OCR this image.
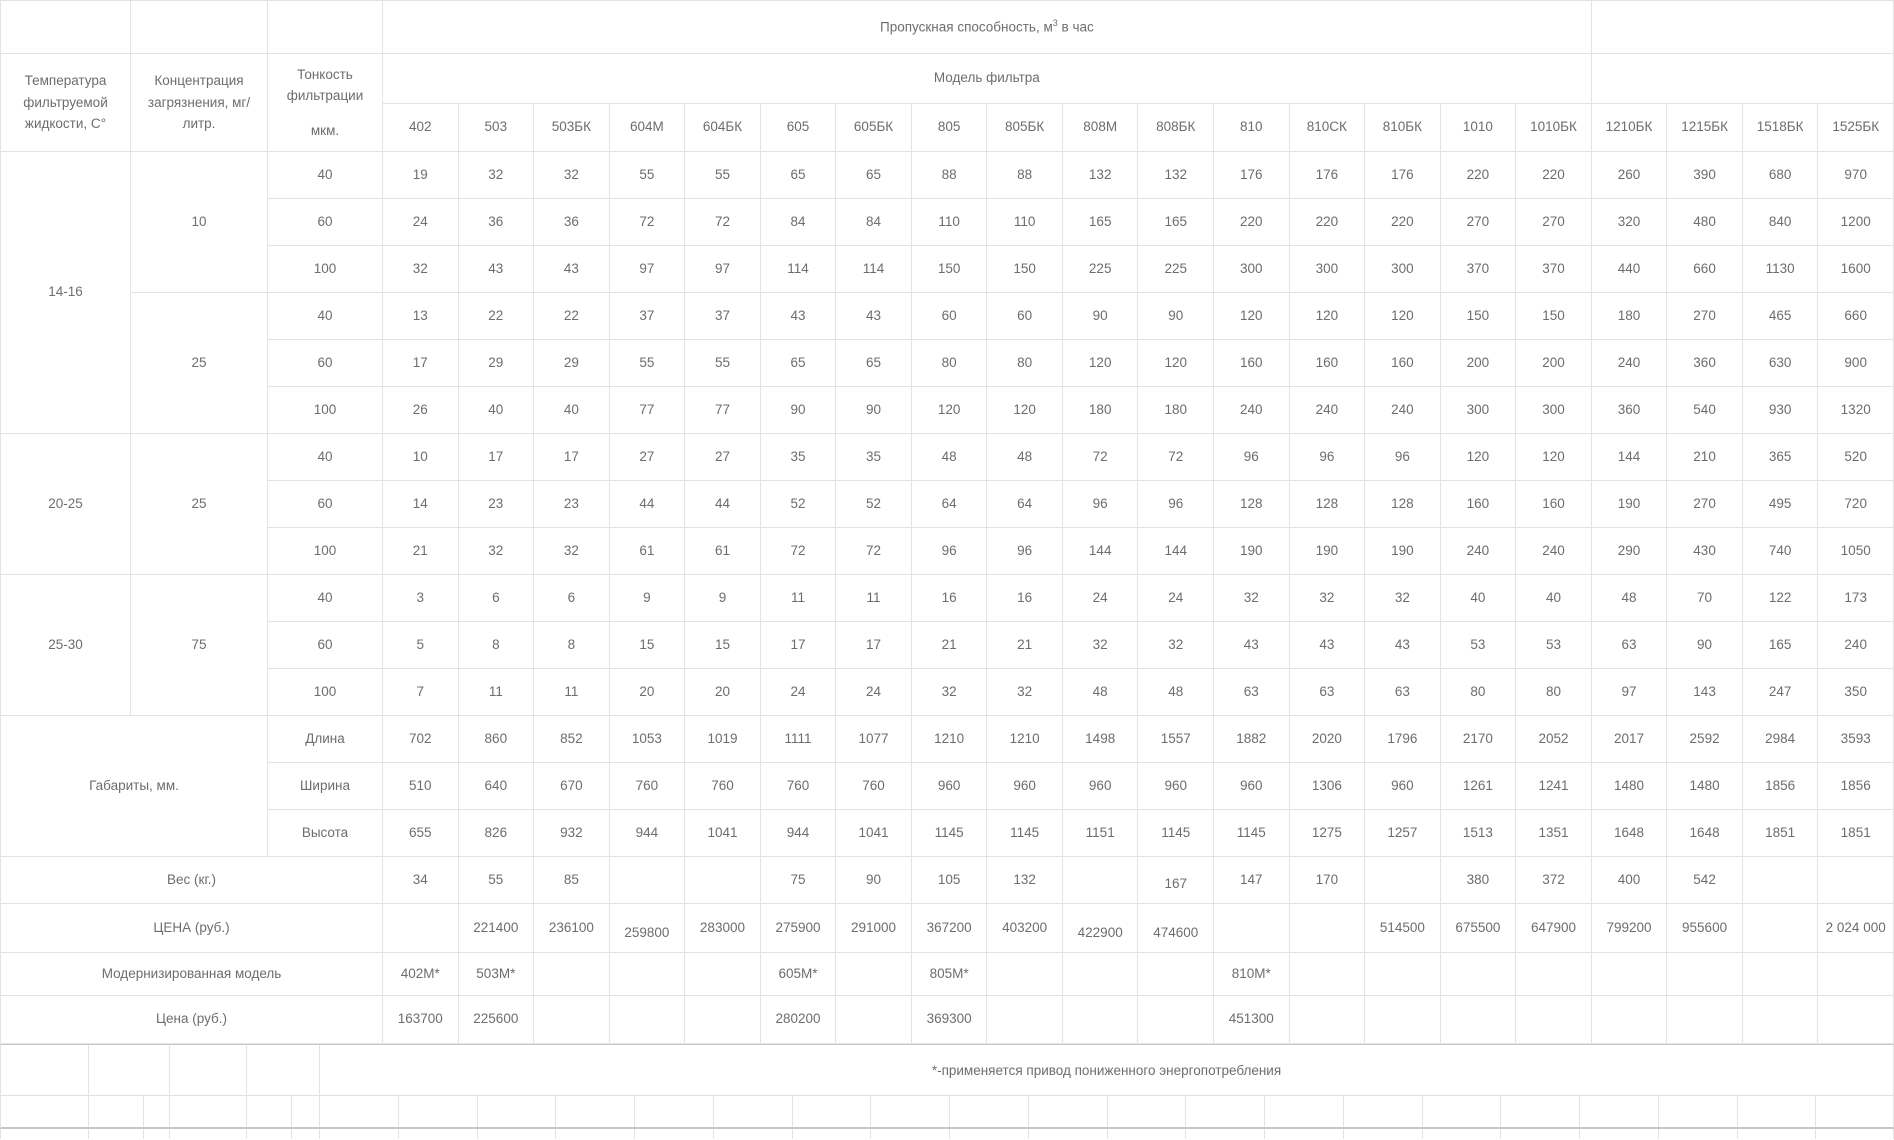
			Пропускная способность, $м^3$ в час																			
Температура фильтруемой жидкости, С°	Концентрация загрязнения, мг/ литр.	Тонкость фильтрации
мкм.	Модель фильтра																			
			402	503	503БК	604М	604БК	605	605БК	805	805БК	808М	808БК	810	810СК	810БК	1010	1010БК	1210БК	1215БК	1518БК	1525БК
14-16	10	40	19	32	32	55	55	65	65	88	88	132	132	176	176	176	220	220	260	390	680	970
		60	24	36	36	72	72	84	84	110	110	165	165	220	220	220	270	270	320	480	840	1200
		100	32	43	43	97	97	114	114	150	150	225	225	300	300	300	370	370	440	660	1130	1600
	25	40	13	22	22	37	37	43	43	60	60	90	90	120	120	120	150	150	180	270	465	660
		60	17	29	29	55	55	65	65	80	80	120	120	160	160	160	200	200	240	360	630	900
		100	26	40	40	77	77	90	90	120	120	180	180	240	240	240	300	300	360	540	930	1320
20-25	25	40	10	17	17	27	27	35	35	48	48	72	72	96	96	96	120	120	144	210	365	520
		60	14	23	23	44	44	52	52	64	64	96	96	128	128	128	160	160	190	270	495	720
		100	21	32	32	61	61	72	72	96	96	144	144	190	190	190	240	240	290	430	740	1050
25-30	75	40	3	6	6	9	9	11	11	16	16	24	24	32	32	32	40	40	48	70	122	173
		60	5	8	8	15	15	17	17	21	21	32	32	43	43	43	53	53	63	90	165	240
		100	7	11	11	20	20	24	24	32	32	48	48	63	63	63	80	80	97	143	247	350
Габариты, мм.		Длина	702	860	852	1053	1019	1111	1077	1210	1210	1498	1557	1882	2020	1796	2170	2052	2017	2592	2984	3593
		Ширина	510	640	670	760	760	760	760	960	960	960	960	960	1306	960	1261	1241	1480	1480	1856	1856
		Высота	655	826	932	944	1041	944	1041	1145	1145	1151	1145	1145	1275	1257	1513	1351	1648	1648	1851	1851
Вес (кг.)			34	55	85			75	90	105	132		167	147	170		380	372	400	542		
ЦЕНА (руб.)				221400	236100	259800	283000	275900	291000	367200	403200	422900	474600			514500	675500	647900	799200	955600		2 024 000
Модернизированная модель			402М*	503М*				605М*		805М*				810М*								
Цена (руб.)			163700	225600				280200		369300				451300								
*-применяется привод пониженного энергопотребления
